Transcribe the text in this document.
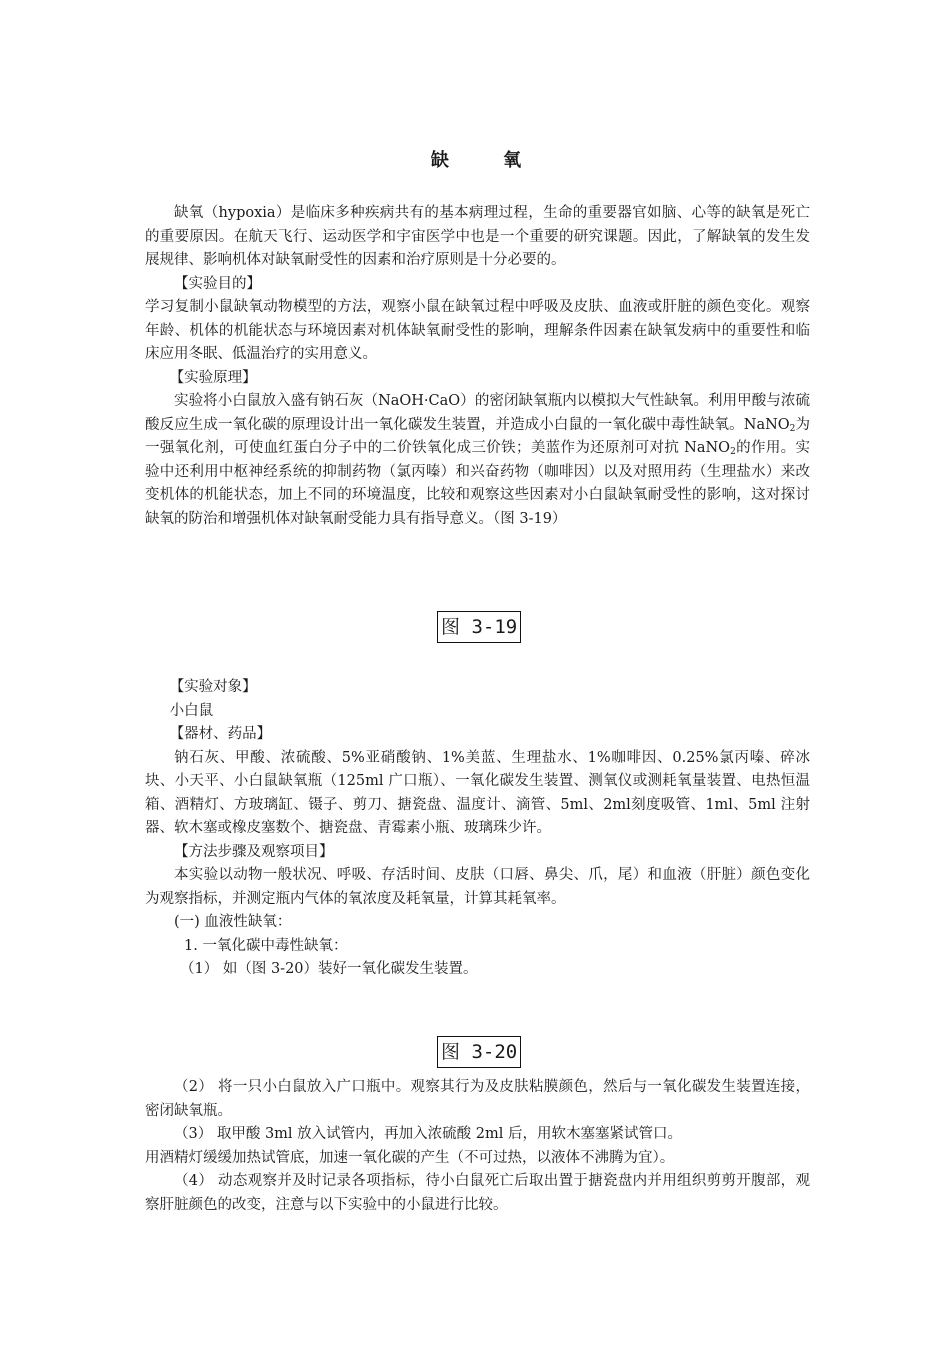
缺 氧

缺氧（hypoxia）是临床多种疾病共有的基本病理过程，生命的重要器官如脑、心等的缺氧是死亡的重要原因。在航天飞行、运动医学和宇宙医学中也是一个重要的研究课题。因此，了解缺氧的发生发展规律、影响机体对缺氧耐受性的因素和治疗原则是十分必要的。

【实验目的】

学习复制小鼠缺氧动物模型的方法，观察小鼠在缺氧过程中呼吸及皮肤、血液或肝脏的颜色变化。观察年龄、机体的机能状态与环境因素对机体缺氧耐受性的影响，理解条件因素在缺氧发病中的重要性和临床应用冬眠、低温治疗的实用意义。

【实验原理】

实验将小白鼠放入盛有钠石灰（NaOH·CaO）的密闭缺氧瓶内以模拟大气性缺氧。利用甲酸与浓硫酸反应生成一氧化碳的原理设计出一氧化碳发生装置，并造成小白鼠的一氧化碳中毒性缺氧。NaNO$_2$为一强氧化剂，可使血红蛋白分子中的二价铁氧化成三价铁；美蓝作为还原剂可对抗 NaNO$_2$的作用。实验中还利用中枢神经系统的抑制药物（氯丙嗪）和兴奋药物（咖啡因）以及对照用药（生理盐水）来改变机体的机能状态，加上不同的环境温度，比较和观察这些因素对小白鼠缺氧耐受性的影响，这对探讨缺氧的防治和增强机体对缺氧耐受能力具有指导意义。（图 3-19）

图 3-19

【实验对象】

小白鼠

【器材、药品】

钠石灰、甲酸、浓硫酸、5%亚硝酸钠、1%美蓝、生理盐水、1%咖啡因、0.25%氯丙嗪、碎冰块、小天平、小白鼠缺氧瓶（125ml 广口瓶）、一氧化碳发生装置、测氧仪或测耗氧量装置、电热恒温箱、酒精灯、方玻璃缸、镊子、剪刀、搪瓷盘、温度计、滴管、5ml、2ml刻度吸管、1ml、5ml 注射器、软木塞或橡皮塞数个、搪瓷盘、青霉素小瓶、玻璃珠少许。

【方法步骤及观察项目】

本实验以动物一般状况、呼吸、存活时间、皮肤（口唇、鼻尖、爪，尾）和血液（肝脏）颜色变化为观察指标，并测定瓶内气体的氧浓度及耗氧量，计算其耗氧率。

(一) 血液性缺氧：

1. 一氧化碳中毒性缺氧：

（1） 如（图 3-20）装好一氧化碳发生装置。

图 3-20

（2） 将一只小白鼠放入广口瓶中。观察其行为及皮肤粘膜颜色，然后与一氧化碳发生装置连接，密闭缺氧瓶。

（3） 取甲酸 3ml 放入试管内，再加入浓硫酸 2ml 后，用软木塞塞紧试管口。

用酒精灯缓缓加热试管底，加速一氧化碳的产生（不可过热，以液体不沸腾为宜）。

（4） 动态观察并及时记录各项指标，待小白鼠死亡后取出置于搪瓷盘内并用组织剪剪开腹部，观察肝脏颜色的改变，注意与以下实验中的小鼠进行比较。
